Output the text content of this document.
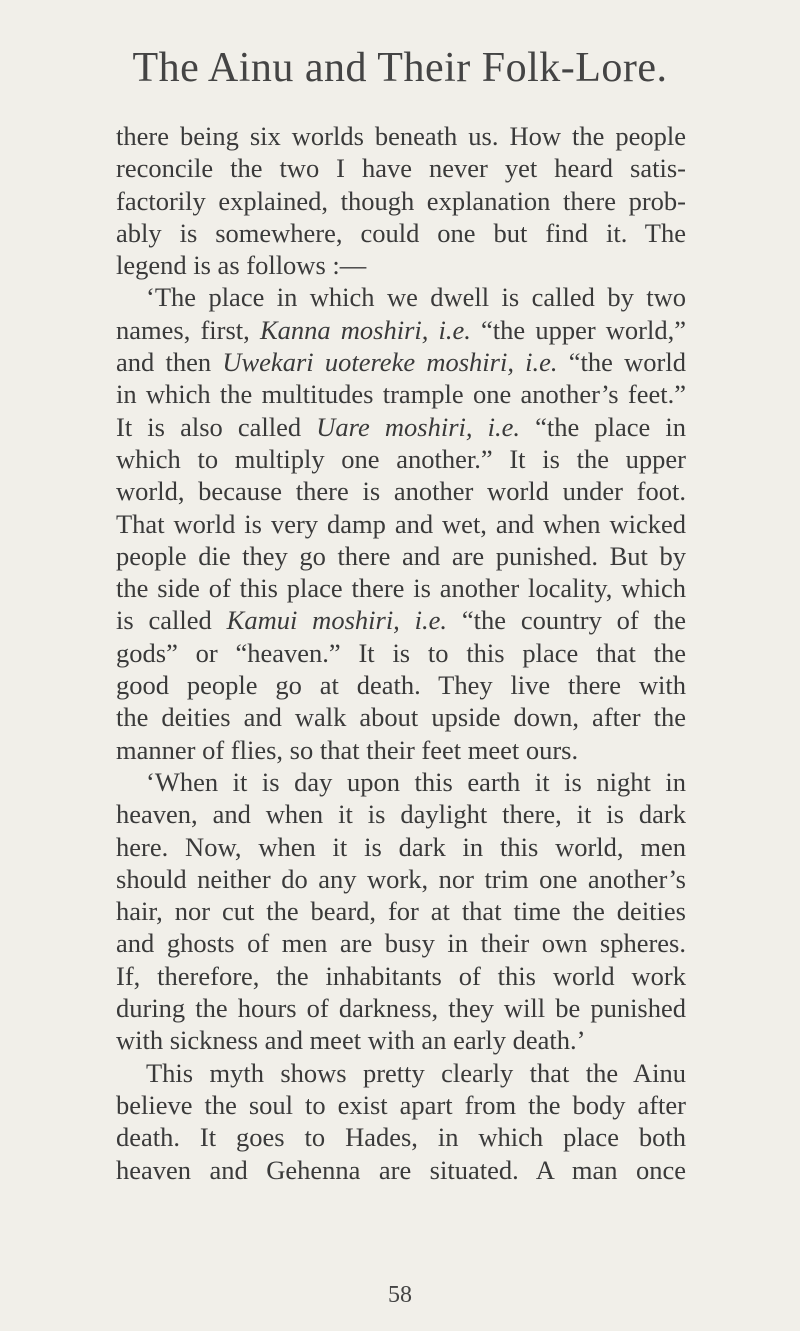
The Ainu and Their Folk-Lore.
there being six worlds beneath us. How the people
reconcile the two I have never yet heard satis-
factorily explained, though explanation there prob-
ably is somewhere, could one but find it. The
legend is as follows :—
‘The place in which we dwell is called by two
names, first, Kanna moshiri, i.e. “the upper world,”
and then Uwekari uotereke moshiri, i.e. “the world
in which the multitudes trample one another’s feet.”
It is also called Uare moshiri, i.e. “the place in
which to multiply one another.” It is the upper
world, because there is another world under foot.
That world is very damp and wet, and when wicked
people die they go there and are punished. But by
the side of this place there is another locality, which
is called Kamui moshiri, i.e. “the country of the
gods” or “heaven.” It is to this place that the
good people go at death. They live there with
the deities and walk about upside down, after the
manner of flies, so that their feet meet ours.
‘When it is day upon this earth it is night in
heaven, and when it is daylight there, it is dark
here. Now, when it is dark in this world, men
should neither do any work, nor trim one another’s
hair, nor cut the beard, for at that time the deities
and ghosts of men are busy in their own spheres.
If, therefore, the inhabitants of this world work
during the hours of darkness, they will be punished
with sickness and meet with an early death.’
This myth shows pretty clearly that the Ainu
believe the soul to exist apart from the body after
death. It goes to Hades, in which place both
heaven and Gehenna are situated. A man once
58
